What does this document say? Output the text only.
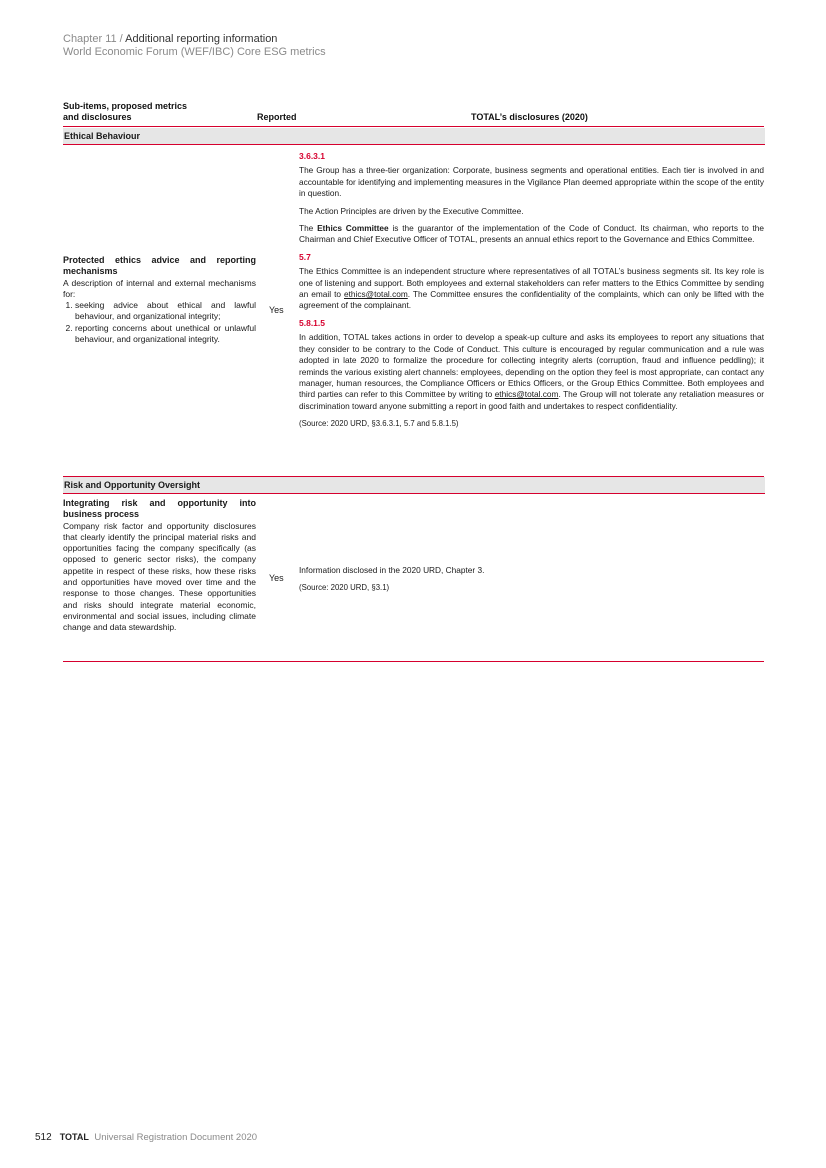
Chapter 11 / Additional reporting information
World Economic Forum (WEF/IBC) Core ESG metrics
Sub-items, proposed metrics
and disclosures	Reported	TOTAL’s disclosures (2020)
Ethical Behaviour
Protected ethics advice and reporting mechanisms
A description of internal and external mechanisms for:
1. seeking advice about ethical and lawful behaviour, and organizational integrity;
2. reporting concerns about unethical or unlawful behaviour, and organizational integrity.
Yes
3.6.3.1

The Group has a three-tier organization: Corporate, business segments and operational entities. Each tier is involved in and accountable for identifying and implementing measures in the Vigilance Plan deemed appropriate within the scope of the entity in question.

The Action Principles are driven by the Executive Committee.

The Ethics Committee is the guarantor of the implementation of the Code of Conduct. Its chairman, who reports to the Chairman and Chief Executive Officer of TOTAL, presents an annual ethics report to the Governance and Ethics Committee.

5.7

The Ethics Committee is an independent structure where representatives of all TOTAL’s business segments sit. Its key role is one of listening and support. Both employees and external stakeholders can refer matters to the Ethics Committee by sending an email to ethics@total.com. The Committee ensures the confidentiality of the complaints, which can only be lifted with the agreement of the complainant.

5.8.1.5

In addition, TOTAL takes actions in order to develop a speak-up culture and asks its employees to report any situations that they consider to be contrary to the Code of Conduct. This culture is encouraged by regular communication and a rule was adopted in late 2020 to formalize the procedure for collecting integrity alerts (corruption, fraud and influence peddling); it reminds the various existing alert channels: employees, depending on the option they feel is most appropriate, can contact any manager, human resources, the Compliance Officers or Ethics Officers, or the Group Ethics Committee. Both employees and third parties can refer to this Committee by writing to ethics@total.com. The Group will not tolerate any retaliation measures or discrimination toward anyone submitting a report in good faith and undertakes to respect confidentiality.

(Source: 2020 URD, §3.6.3.1, 5.7 and 5.8.1.5)

Risk and Opportunity Oversight
Integrating risk and opportunity into business process
Company risk factor and opportunity disclosures that clearly identify the principal material risks and opportunities facing the company specifically (as opposed to generic sector risks), the company appetite in respect of these risks, how these risks and opportunities have moved over time and the response to those changes. These opportunities and risks should integrate material economic, environmental and social issues, including climate change and data stewardship.
Yes

Information disclosed in the 2020 URD, Chapter 3.

(Source: 2020 URD, §3.1)

512 TOTAL Universal Registration Document 2020
